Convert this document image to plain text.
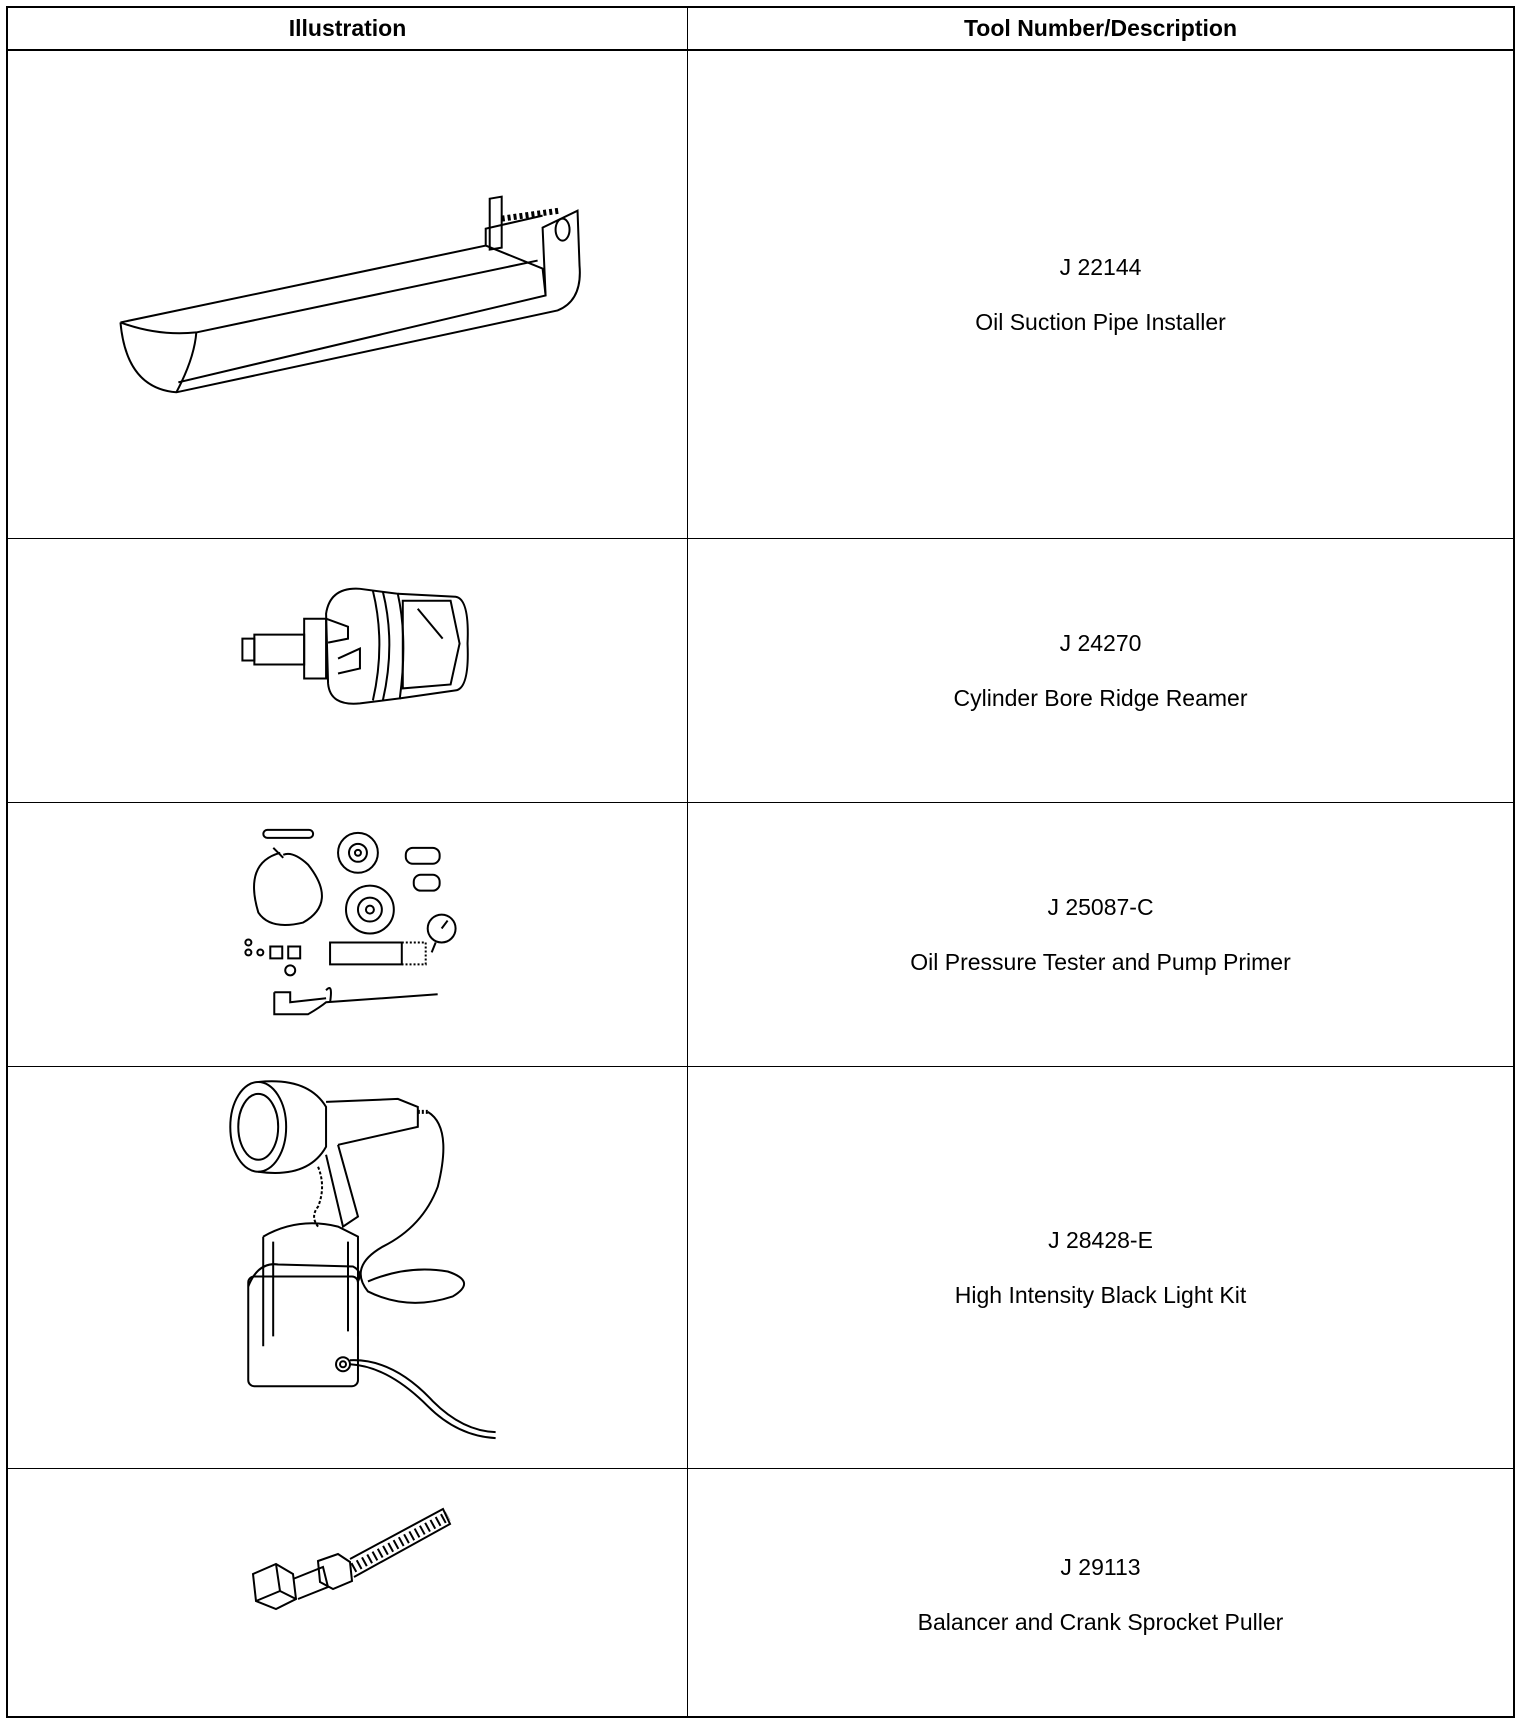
Illustration	Tool Number/Description
J 22144
Oil Suction Pipe Installer
J 24270
Cylinder Bore Ridge Reamer
J 25087-C
Oil Pressure Tester and Pump Primer
J 28428-E
High Intensity Black Light Kit
J 29113
Balancer and Crank Sprocket Puller
